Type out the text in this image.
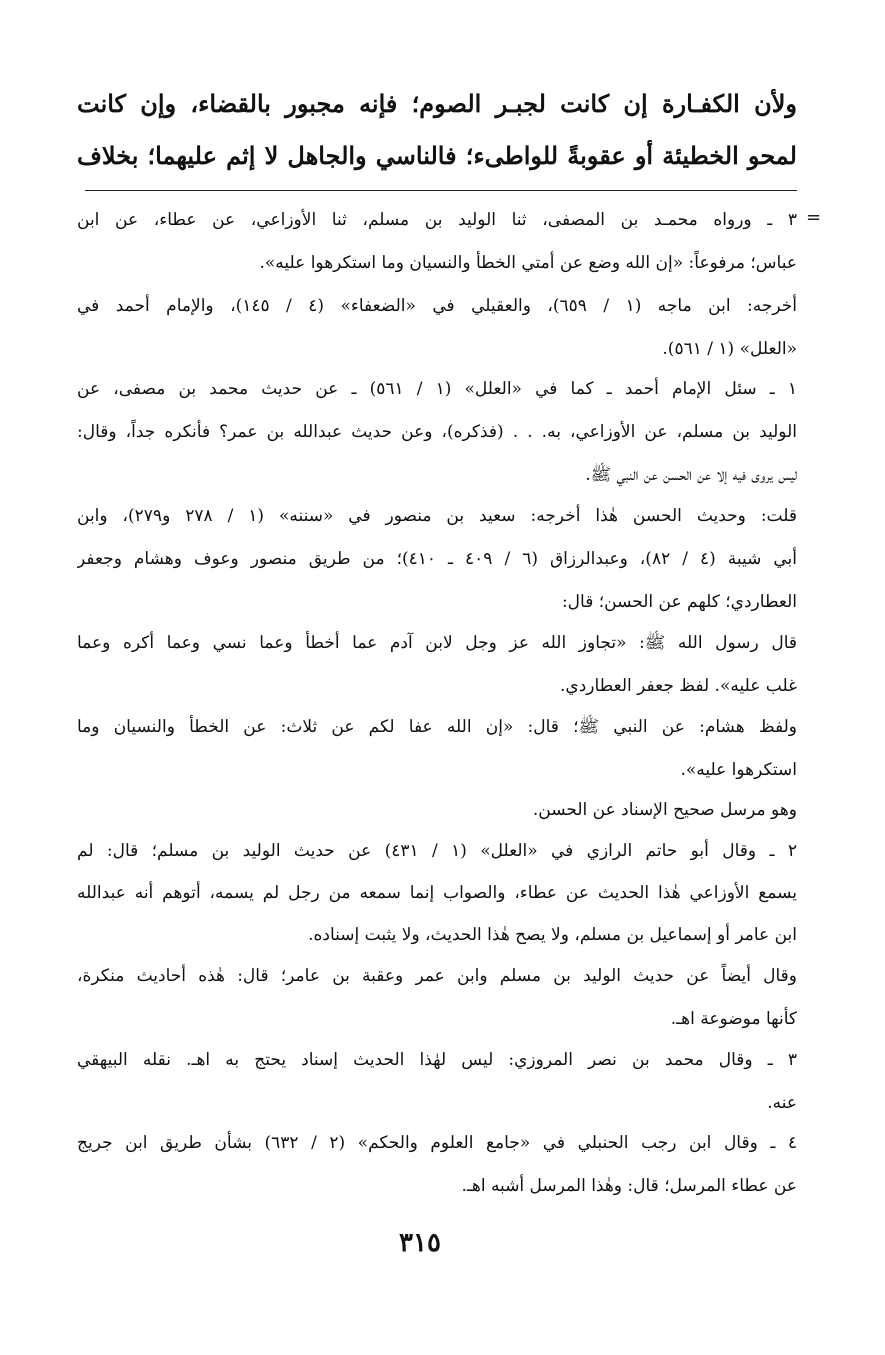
ولأن الكفـارة إن كانت لجبـر الصوم؛ فإنه مجبور بالقضاء، وإن كانت
لمحو الخطيئة أو عقوبةً للواطىء؛ فالناسي والجاهل لا إثم عليهما؛ بخلاف
=
٣ ـ ورواه محمـد بن المصفى، ثنا الوليد بن مسلم، ثنا الأوزاعي، عن عطاء، عن ابن
عباس؛ مرفوعاً: «إن الله وضع عن أمتي الخطأ والنسيان وما استكرهوا عليه».
أخرجه: ابن ماجه (١ / ٦٥٩)، والعقيلي في «الضعفاء» (٤ / ١٤٥)، والإمام أحمد في
«العلل» (١ / ٥٦١).
١ ـ سئل الإمام أحمد ـ كما في «العلل» (١ / ٥٦١) ـ عن حديث محمد بن مصفى، عن
الوليد بن مسلم، عن الأوزاعي، به. . . (فذكره)، وعن حديث عبدالله بن عمر؟ فأنكره جداً، وقال:
ليس يروى فيه إلا عن الحسن عن النبي ﷺ.
قلت: وحديث الحسن هٰذا أخرجه: سعيد بن منصور في «سننه» (١ / ٢٧٨ و٢٧٩)، وابن
أبي شيبة (٤ / ٨٢)، وعبدالرزاق (٦ / ٤٠٩ ـ ٤١٠)؛ من طريق منصور وعوف وهشام وجعفر
العطاردي؛ كلهم عن الحسن؛ قال:
قال رسول الله ﷺ: «تجاوز الله عز وجل لابن آدم عما أخطأ وعما نسي وعما أكره وعما
غلب عليه». لفظ جعفر العطاردي.
ولفظ هشام: عن النبي ﷺ؛ قال: «إن الله عفا لكم عن ثلاث: عن الخطأ والنسيان وما
استكرهوا عليه».
وهو مرسل صحيح الإسناد عن الحسن.
٢ ـ وقال أبو حاتم الرازي في «العلل» (١ / ٤٣١) عن حديث الوليد بن مسلم؛ قال: لم
يسمع الأوزاعي هٰذا الحديث عن عطاء، والصواب إنما سمعه من رجل لم يسمه، أتوهم أنه عبدالله
ابن عامر أو إسماعيل بن مسلم، ولا يصح هٰذا الحديث، ولا يثبت إسناده.
وقال أيضاً عن حديث الوليد بن مسلم وابن عمر وعقبة بن عامر؛ قال: هٰذه أحاديث منكرة،
كأنها موضوعة اهـ.
٣ ـ وقال محمد بن نصر المروزي: ليس لهٰذا الحديث إسناد يحتج به اهـ. نقله البيهقي
عنه.
٤ ـ وقال ابن رجب الحنبلي في «جامع العلوم والحكم» (٢ / ٦٣٢) بشأن طريق ابن جريج
عن عطاء المرسل؛ قال: وهٰذا المرسل أشبه اهـ.
٣١٥
